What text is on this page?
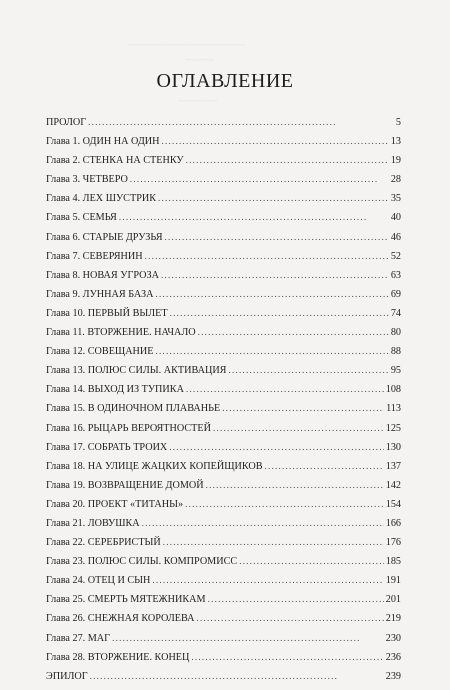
~~~~~~~~~~~~~~~~~~~~~~~~
~~~~~~
~~~~~~~~
ОГЛАВЛЕНИЕ
ПРОЛОГ . . .	5
Глава 1. ОДИН НА ОДИН . . .	13
Глава 2. СТЕНКА НА СТЕНКУ . . .	19
Глава 3. ЧЕТВЕРО . . .	28
Глава 4. ЛЕХ ШУСТРИК . . .	35
Глава 5. СЕМЬЯ . . .	40
Глава 6. СТАРЫЕ ДРУЗЬЯ . . .	46
Глава 7. СЕВЕРЯНИН . . .	52
Глава 8. НОВАЯ УГРОЗА . . .	63
Глава 9. ЛУННАЯ БАЗА . . .	69
Глава 10. ПЕРВЫЙ ВЫЛЕТ . . .	74
Глава 11. ВТОРЖЕНИЕ. НАЧАЛО . . .	80
Глава 12. СОВЕЩАНИЕ . . .	88
Глава 13. ПОЛЮС СИЛЫ. АКТИВАЦИЯ . . .	95
Глава 14. ВЫХОД ИЗ ТУПИКА . . .	108
Глава 15. В ОДИНОЧНОМ ПЛАВАНЬЕ . . .	113
Глава 16. РЫЦАРЬ ВЕРОЯТНОСТЕЙ . . .	125
Глава 17. СОБРАТЬ ТРОИХ . . .	130
Глава 18. НА УЛИЦЕ ЖАЦКИХ КОПЕЙЩИКОВ . . .	137
Глава 19. ВОЗВРАЩЕНИЕ ДОМОЙ . . .	142
Глава 20. ПРОЕКТ «ТИТАНЫ» . . .	154
Глава 21. ЛОВУШКА . . .	166
Глава 22. СЕРЕБРИСТЫЙ . . .	176
Глава 23. ПОЛЮС СИЛЫ. КОМПРОМИСС . . .	185
Глава 24. ОТЕЦ И СЫН . . .	191
Глава 25. СМЕРТЬ МЯТЕЖНИКАМ . . .	201
Глава 26. СНЕЖНАЯ КОРОЛЕВА . . .	219
Глава 27. МАГ . . .	230
Глава 28. ВТОРЖЕНИЕ. КОНЕЦ . . .	236
ЭПИЛОГ . . .	239
